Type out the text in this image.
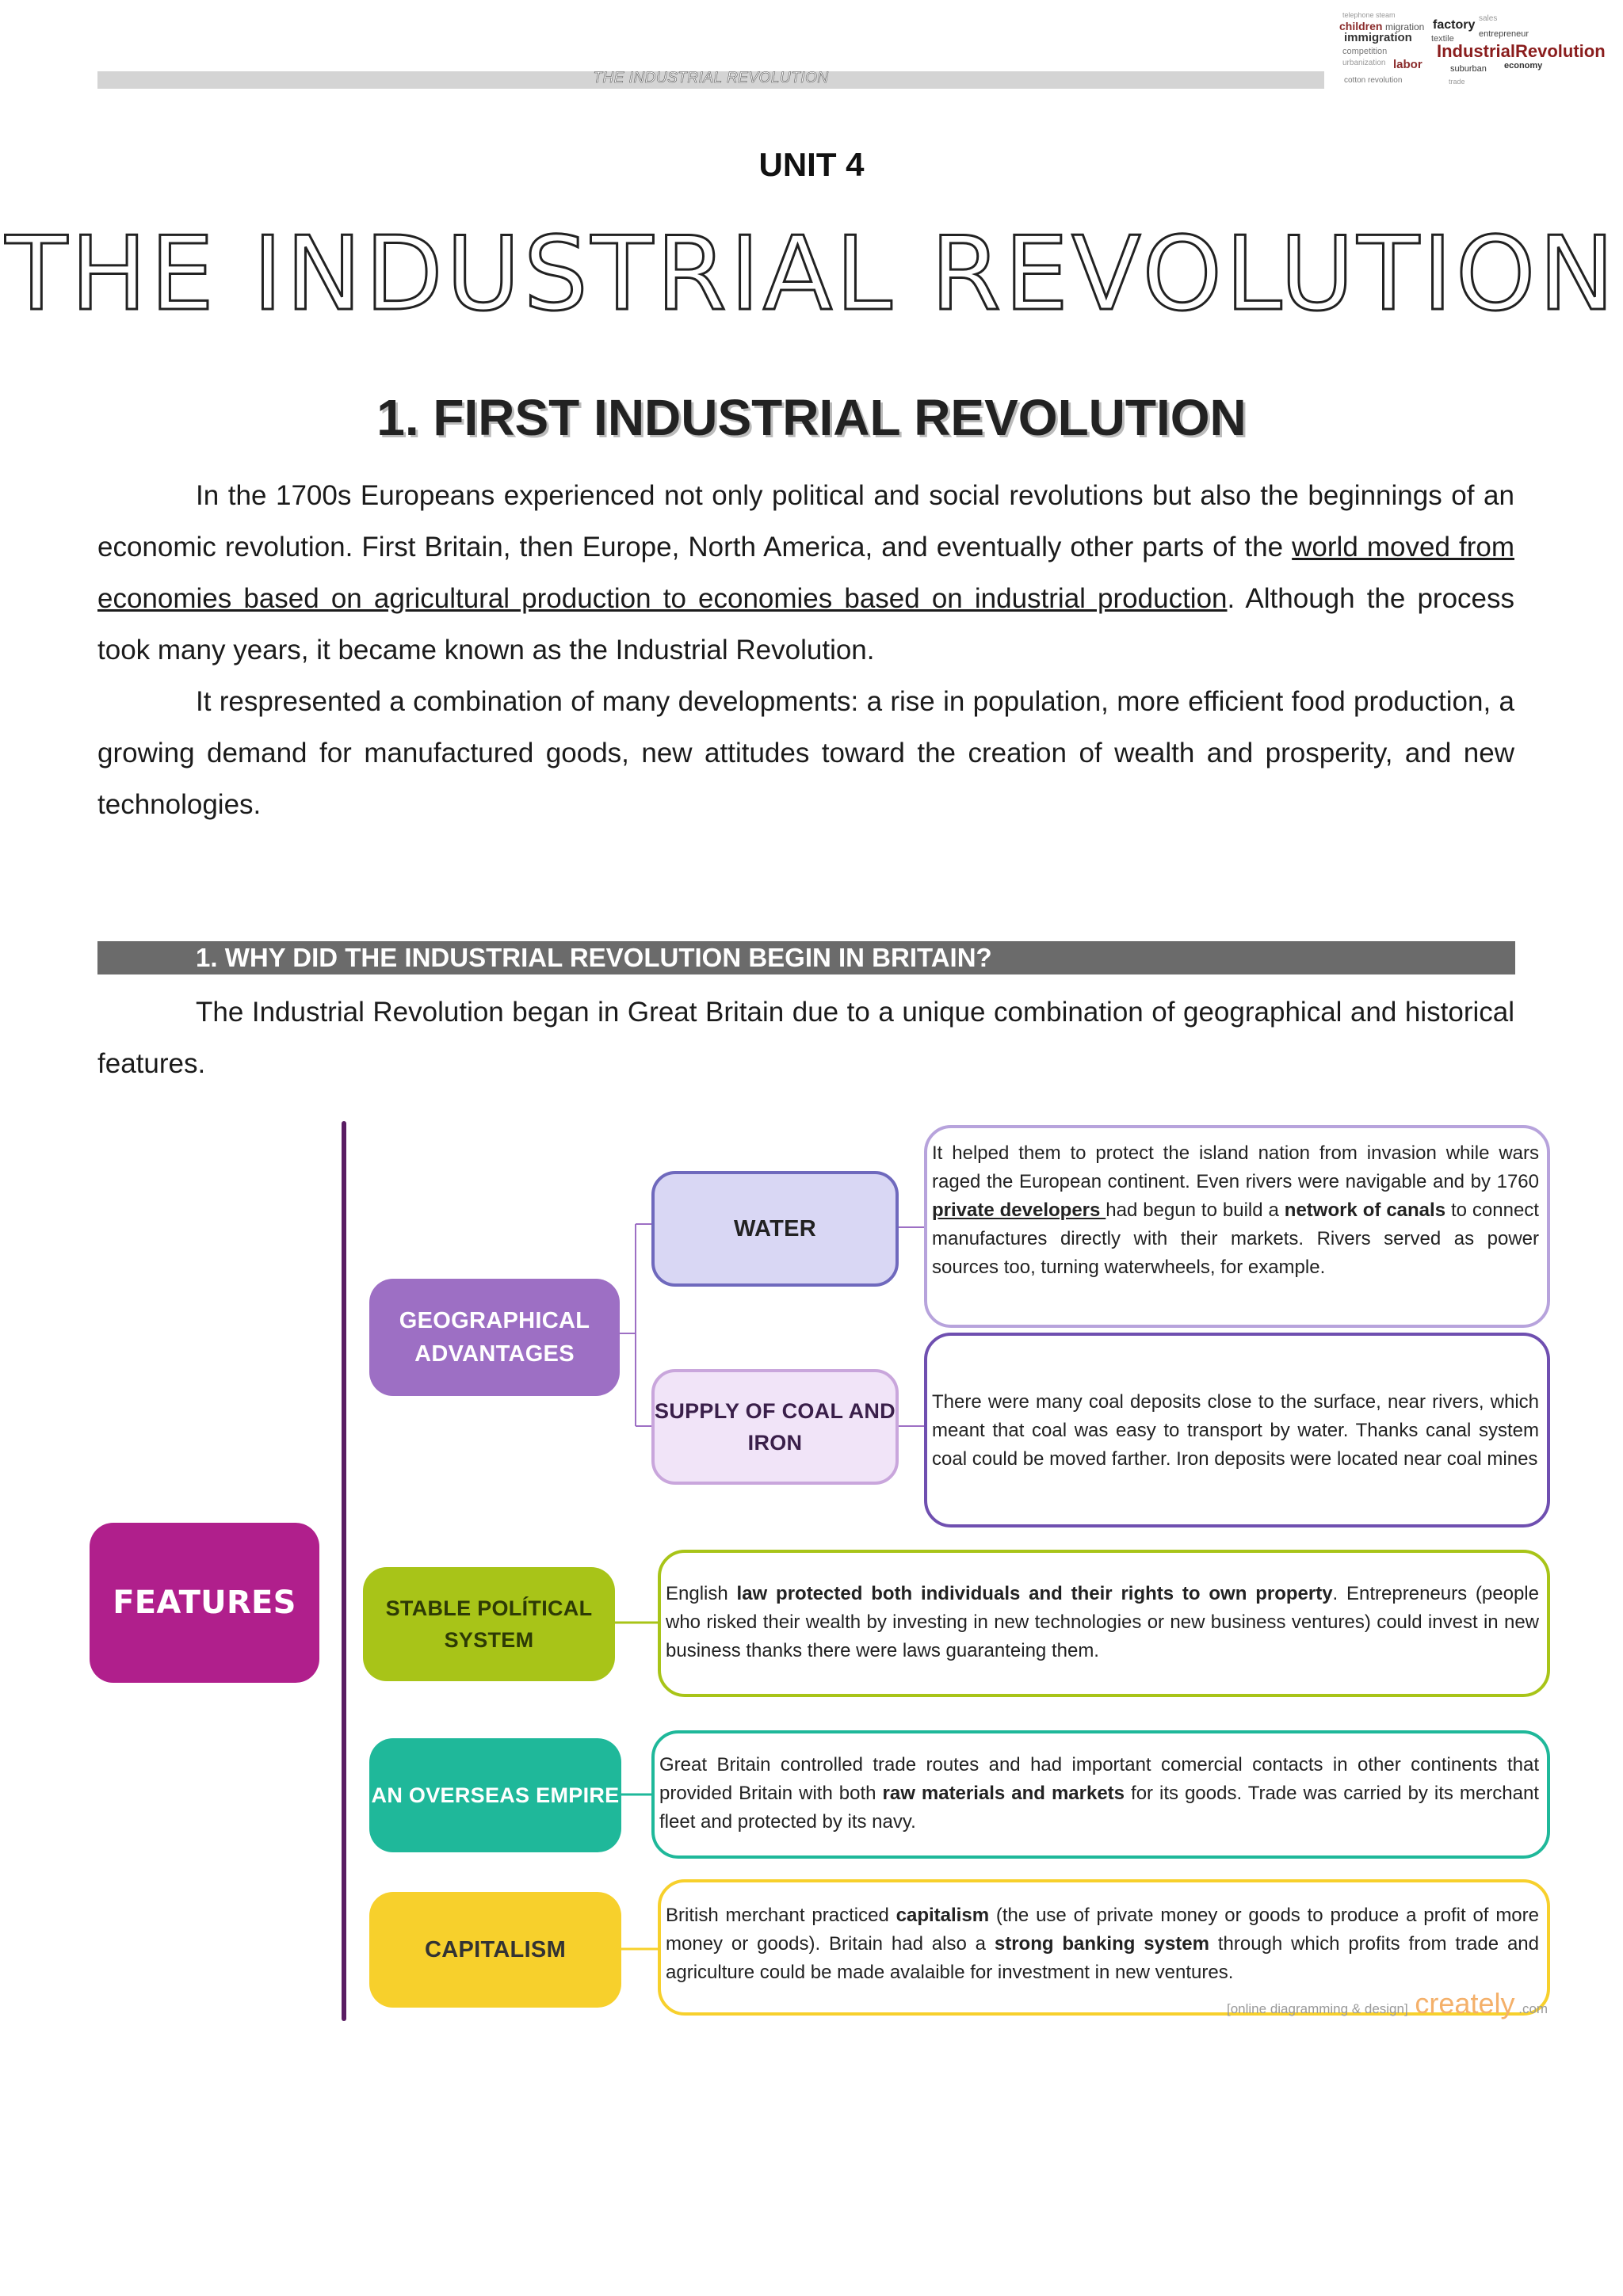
THE INDUSTRIAL REVOLUTION
telephone steam
children migration factory sales
immigration textile	entrepreneur
competition	IndustrialRevolution
urbanization labor	suburban economy
cotton revolution	trade
UNIT 4
THE INDUSTRIAL REVOLUTION
1. FIRST INDUSTRIAL REVOLUTION

In the 1700s Europeans experienced not only political and social revolutions but also the beginnings of an economic revolution. First Britain, then Europe, North America, and eventually other parts of the world moved from economies based on agricultural production to economies based on industrial production. Although the process took many years, it became known as the Industrial Revolution.

It respresented a combination of many developments: a rise in population, more efficient food production, a growing demand for manufactured goods, new attitudes toward the creation of wealth and prosperity, and new technologies.

1. WHY DID THE INDUSTRIAL REVOLUTION BEGIN IN BRITAIN?

The Industrial Revolution began in Great Britain due to a unique combination of geographical and historical features.

FEATURES
GEOGRAPHICAL
ADVANTAGES
WATER
SUPPLY OF COAL AND
IRON
STABLE POLÍTICAL
SYSTEM
AN OVERSEAS EMPIRE
CAPITALISM
It helped them to protect the island nation from invasion while wars raged the European continent. Even rivers were navigable and by 1760 private developers had begun to build a network of canals to connect manufactures directly with their markets. Rivers served as power sources too, turning waterwheels, for example.
There were many coal deposits close to the surface, near rivers, which meant that coal was easy to transport by water. Thanks canal system coal could be moved farther. Iron deposits were located near coal mines
English law protected both individuals and their rights to own property. Entrepreneurs (people who risked their wealth by investing in new technologies or new business ventures) could invest in new business thanks there were laws guaranteing them.
Great Britain controlled trade routes and had important comercial contacts in other continents that provided Britain with both raw materials and markets for its goods. Trade was carried by its merchant fleet and protected by its navy.
British merchant practiced capitalism (the use of private money or goods to produce a profit of more money or goods). Britain had also a strong banking system through which profits from trade and agriculture could be made avalaible for investment in new ventures.
[online diagramming & design] creately .com
